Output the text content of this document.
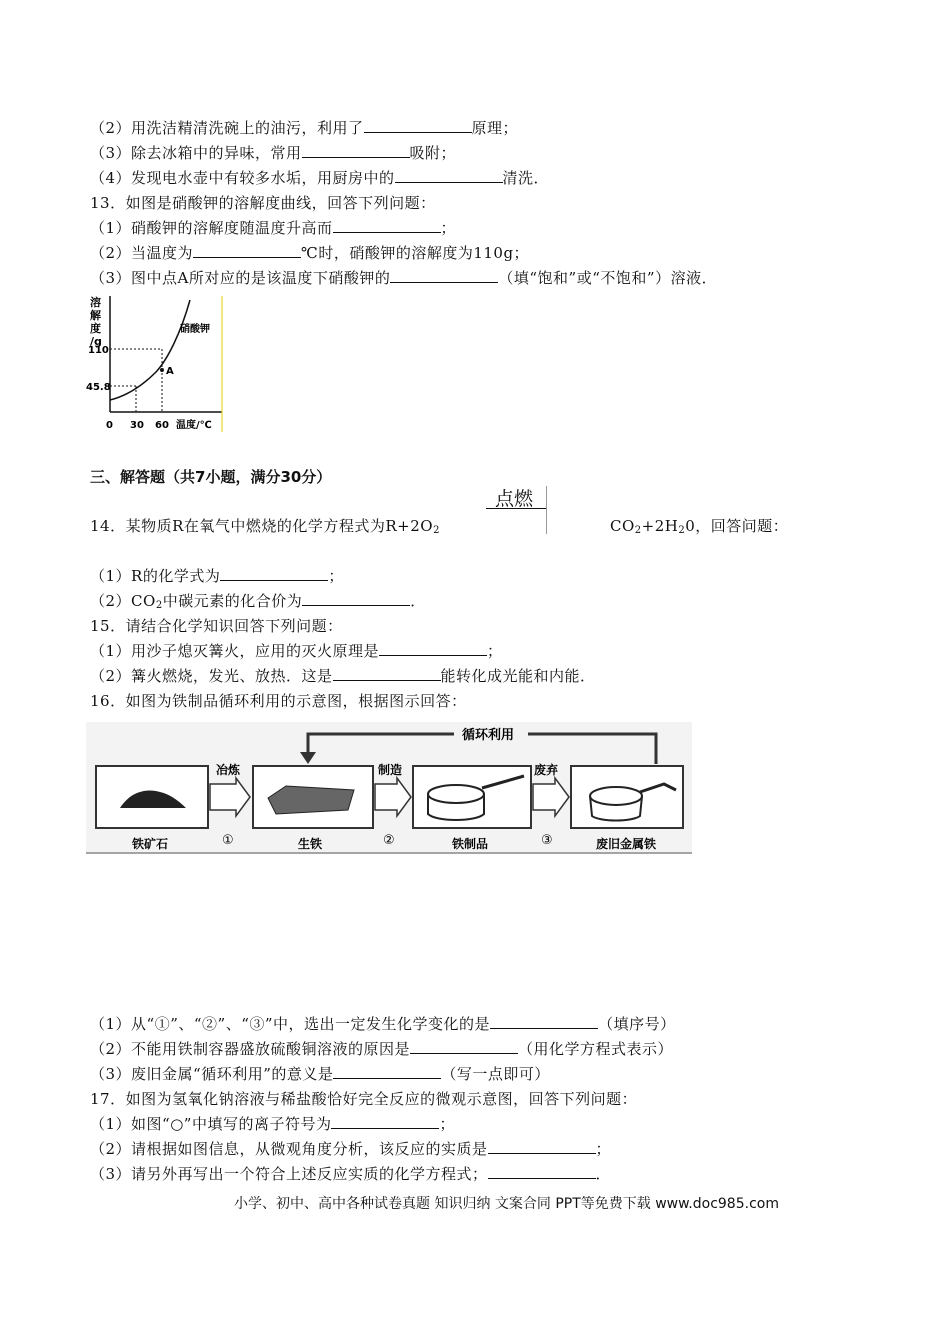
（2）用洗洁精清洗碗上的油污，利用了	原理；
（3）除去冰箱中的异味，常用	吸附；
（4）发现电水壶中有较多水垢，用厨房中的	清洗．
13．如图是硝酸钾的溶解度曲线，回答下列问题：
（1）硝酸钾的溶解度随温度升高而	；
（2）当温度为	℃时，硝酸钾的溶解度为110g；
（3）图中点A所对应的是该温度下硝酸钾的	（填“饱和”或“不饱和”）溶液．
溶
解
度
/g
A
硝酸钾
110
45.8
0 30 60 温度/℃
三、解答题（共7小题，满分30分）
点燃
14．某物质R在氧气中燃烧的化学方程式为R+2O2	CO2+2H20，回答问题：
（1）R的化学式为	；
（2）CO2中碳元素的化合价为	．
15．请结合化学知识回答下列问题：
（1）用沙子熄灭篝火，应用的灭火原理是	；
（2）篝火燃烧，发光、放热．这是	能转化成光能和内能．
16．如图为铁制品循环利用的示意图，根据图示回答：
循环利用
冶炼
①
制造
②
废弃
③
铁矿石	生铁	铁制品	废旧金属铁
（1）从“①”、“②”、“③”中，选出一定发生化学变化的是	（填序号）
（2）不能用铁制容器盛放硫酸铜溶液的原因是	（用化学方程式表示）
（3）废旧金属“循环利用”的意义是	（写一点即可）
17．如图为氢氧化钠溶液与稀盐酸恰好完全反应的微观示意图，回答下列问题：
（1）如图“○”中填写的离子符号为	；
（2）请根据如图信息，从微观角度分析，该反应的实质是	；
（3）请另外再写出一个符合上述反应实质的化学方程式；	．
小学、初中、高中各种试卷真题 知识归纳 文案合同 PPT等免费下载 www.doc985.com
